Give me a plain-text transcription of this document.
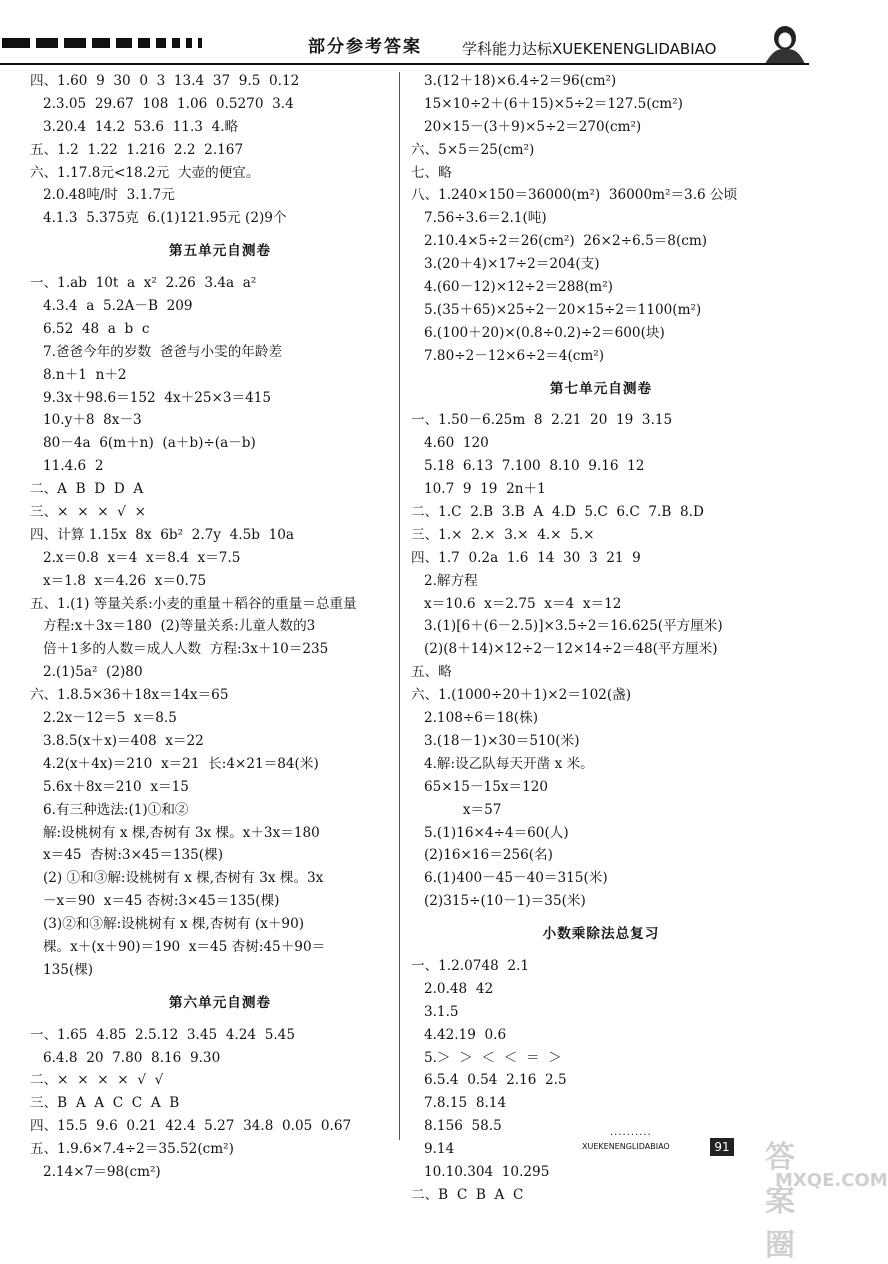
部分参考答案	学科能力达标XUEKENENGLIDABIAO
四、1.60  9  30  0  3  13.4  37  9.5  0.12
2.3.05  29.67  108  1.06  0.5270  3.4
3.20.4  14.2  53.6  11.3  4.略
五、1.2  1.22  1.216  2.2  2.167
六、1.17.8元<18.2元  大壶的便宜。
2.0.48吨/时  3.1.7元
4.1.3  5.375克  6.(1)121.95元 (2)9个
第五单元自测卷
一、1.ab  10t  a  x²  2.26  3.4a  a²
4.3.4  a  5.2A－B  209
6.52  48  a  b  c
7.爸爸今年的岁数  爸爸与小雯的年龄差
8.n＋1  n＋2
9.3x＋98.6＝152  4x＋25×3＝415
10.y＋8  8x－3
80－4a  6(m＋n)  (a＋b)÷(a－b)
11.4.6  2
二、A  B  D  D  A
三、×  ×  ×  √  ×
四、计算 1.15x  8x  6b²  2.7y  4.5b  10a
2.x＝0.8  x＝4  x＝8.4  x＝7.5
x＝1.8  x＝4.26  x＝0.75
五、1.(1) 等量关系:小麦的重量＋稻谷的重量＝总重量
方程:x＋3x＝180  (2)等量关系:儿童人数的3
倍＋1多的人数＝成人人数  方程:3x＋10＝235
2.(1)5a²  (2)80
六、1.8.5×36＋18x＝14x＝65
2.2x－12＝5  x＝8.5
3.8.5(x＋x)＝408  x＝22
4.2(x＋4x)＝210  x＝21  长:4×21＝84(米)
5.6x＋8x＝210  x＝15
6.有三种选法:(1)①和②
解:设桃树有 x 棵,杏树有 3x 棵。x＋3x＝180
x＝45  杏树:3×45＝135(棵)
(2) ①和③解:设桃树有 x 棵,杏树有 3x 棵。3x
－x＝90  x＝45 杏树:3×45＝135(棵)
(3)②和③解:设桃树有 x 棵,杏树有 (x＋90)
棵。x＋(x＋90)＝190  x＝45 杏树:45＋90＝
135(棵)
第六单元自测卷
一、1.65  4.85  2.5.12  3.45  4.24  5.45
6.4.8  20  7.80  8.16  9.30
二、×  ×  ×  ×  √  √
三、B  A  A  C  C  A  B
四、15.5  9.6  0.21  42.4  5.27  34.8  0.05  0.67
五、1.9.6×7.4÷2＝35.52(cm²)
2.14×7＝98(cm²)
3.(12＋18)×6.4÷2＝96(cm²)
15×10÷2＋(6＋15)×5÷2＝127.5(cm²)
20×15－(3＋9)×5÷2＝270(cm²)
六、5×5＝25(cm²)
七、略
八、1.240×150＝36000(m²)  36000m²＝3.6 公顷
7.56÷3.6＝2.1(吨)
2.10.4×5÷2＝26(cm²)  26×2÷6.5＝8(cm)
3.(20＋4)×17÷2＝204(支)
4.(60－12)×12÷2＝288(m²)
5.(35＋65)×25÷2－20×15÷2＝1100(m²)
6.(100＋20)×(0.8÷0.2)÷2＝600(块)
7.80÷2－12×6÷2＝4(cm²)
第七单元自测卷
一、1.50－6.25m  8  2.21  20  19  3.15
4.60  120
5.18  6.13  7.100  8.10  9.16  12
10.7  9  19  2n＋1
二、1.C  2.B  3.B  A  4.D  5.C  6.C  7.B  8.D
三、1.×  2.×  3.×  4.×  5.×
四、1.7  0.2a  1.6  14  30  3  21  9
2.解方程
x＝10.6  x＝2.75  x＝4  x＝12
3.(1)[6＋(6－2.5)]×3.5÷2＝16.625(平方厘米)
(2)(8＋14)×12÷2－12×14÷2＝48(平方厘米)
五、略
六、1.(1000÷20＋1)×2＝102(盏)
2.108÷6＝18(株)
3.(18－1)×30＝510(米)
4.解:设乙队每天开凿 x 米。
65×15－15x＝120
x＝57
5.(1)16×4÷4＝60(人)
(2)16×16＝256(名)
6.(1)400－45－40＝315(米)
(2)315÷(10－1)＝35(米)
小数乘除法总复习
一、1.2.0748  2.1
2.0.48  42
3.1.5
4.42.19  0.6
5.＞  ＞  ＜  ＜  ＝  ＞
6.5.4  0.54  2.16  2.5
7.8.15  8.14
8.156  58.5
9.14
10.10.304  10.295
二、B  C  B  A  C
··········
XUEKENENGLIDABIAO	91 答案圈
MXQE.COM
